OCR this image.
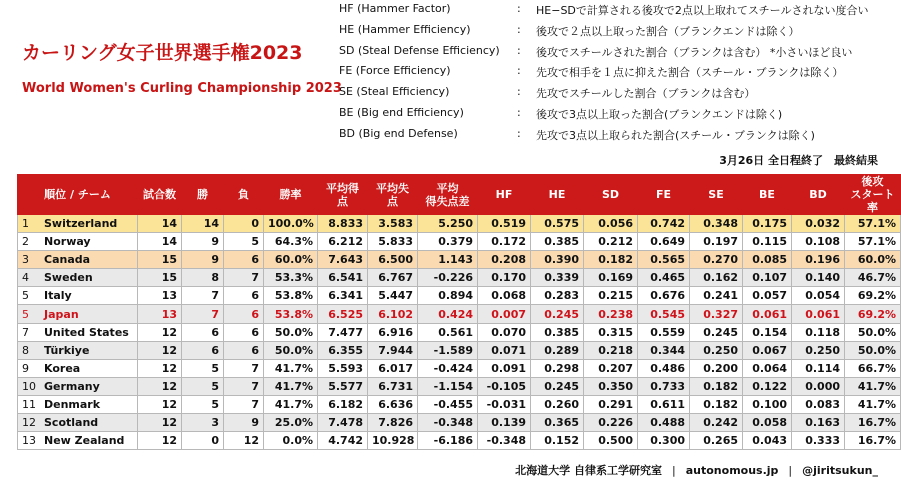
カーリング女子世界選手権2023
World Women's Curling Championship 2023
HF (Hammer Factor)	: HE−SDで計算される後攻で2点以上取れてスチールされない度合い
HE (Hammer Efficiency)	: 後攻で２点以上取った割合（ブランクエンドは除く）
SD (Steal Defense Efficiency) : 後攻でスチールされた割合（ブランクは含む） *小さいほど良い
FE (Force Efficiency)	: 先攻で相手を１点に抑えた割合（スチール・ブランクは除く）
SE (Steal Efficiency)	: 先攻でスチールした割合（ブランクは含む）
BE (Big end Efficiency)	: 後攻で3点以上取った割合(ブランクエンドは除く)
BD (Big end Defense)	: 先攻で3点以上取られた割合(スチール・ブランクは除く)
3月26日 全日程終了　最終結果
順位 / チーム	試合数	勝	負	勝率	平均得点	平均失点	平均
得失点差	HF	HE	SD	FE	SE	BE	BD	後攻
スタート率
1 Switzerland	14	14	0	100.0%	8.833	3.583	5.250	0.519	0.575	0.056	0.742	0.348	0.175	0.032	57.1%
2 Norway	14	9	5	64.3%	6.212	5.833	0.379	0.172	0.385	0.212	0.649	0.197	0.115	0.108	57.1%
3 Canada	15	9	6	60.0%	7.643	6.500	1.143	0.208	0.390	0.182	0.565	0.270	0.085	0.196	60.0%
4 Sweden	15	8	7	53.3%	6.541	6.767	-0.226	0.170	0.339	0.169	0.465	0.162	0.107	0.140	46.7%
5 Italy	13	7	6	53.8%	6.341	5.447	0.894	0.068	0.283	0.215	0.676	0.241	0.057	0.054	69.2%
5 Japan	13	7	6	53.8%	6.525	6.102	0.424	0.007	0.245	0.238	0.545	0.327	0.061	0.061	69.2%
7 United States	12	6	6	50.0%	7.477	6.916	0.561	0.070	0.385	0.315	0.559	0.245	0.154	0.118	50.0%
8 Türkiye	12	6	6	50.0%	6.355	7.944	-1.589	0.071	0.289	0.218	0.344	0.250	0.067	0.250	50.0%
9 Korea	12	5	7	41.7%	5.593	6.017	-0.424	0.091	0.298	0.207	0.486	0.200	0.064	0.114	66.7%
10 Germany	12	5	7	41.7%	5.577	6.731	-1.154	-0.105	0.245	0.350	0.733	0.182	0.122	0.000	41.7%
11 Denmark	12	5	7	41.7%	6.182	6.636	-0.455	-0.031	0.260	0.291	0.611	0.182	0.100	0.083	41.7%
12 Scotland	12	3	9	25.0%	7.478	7.826	-0.348	0.139	0.365	0.226	0.488	0.242	0.058	0.163	16.7%
13 New Zealand	12	0	12	0.0%	4.742	10.928	-6.186	-0.348	0.152	0.500	0.300	0.265	0.043	0.333	16.7%
北海道大学 自律系工学研究室 | autonomous.jp | @jiritsukun_
